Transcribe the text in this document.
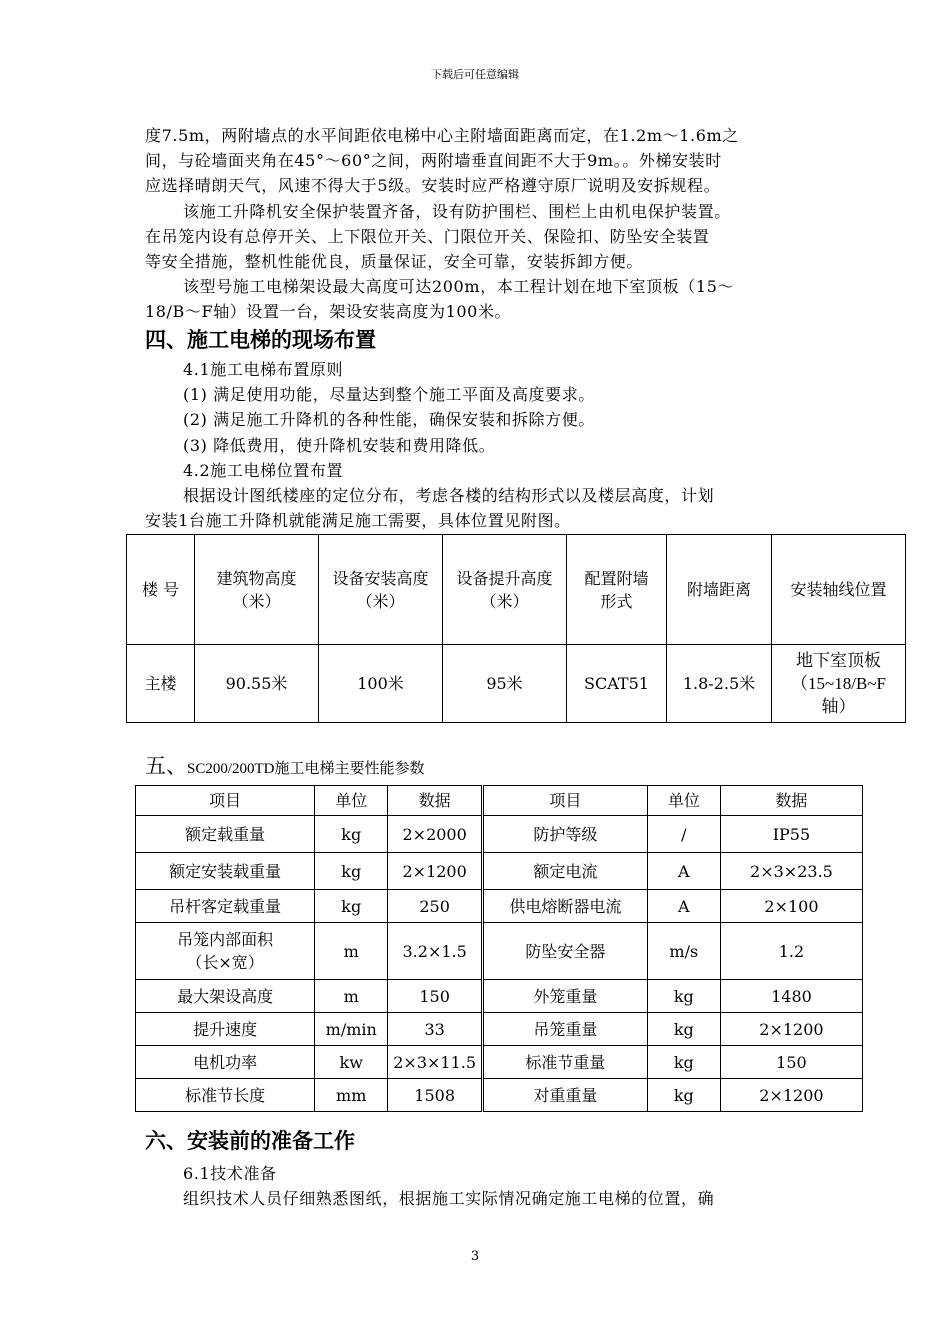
下载后可任意编辑
度7.5m，两附墙点的水平间距依电梯中心主附墙面距离而定，在1.2m～1.6m之
间，与砼墙面夹角在45°～60°之间，两附墙垂直间距不大于9m。。外梯安装时
应选择晴朗天气，风速不得大于5级。安装时应严格遵守原厂说明及安拆规程。
该施工升降机安全保护装置齐备，设有防护围栏、围栏上由机电保护装置。
在吊笼内设有总停开关、上下限位开关、门限位开关、保险扣、防坠安全装置
等安全措施，整机性能优良，质量保证，安全可靠，安装拆卸方便。
该型号施工电梯架设最大高度可达200m，本工程计划在地下室顶板（15～
18/B～F轴）设置一台，架设安装高度为100米。
四、施工电梯的现场布置
4.1施工电梯布置原则
(1) 满足使用功能，尽量达到整个施工平面及高度要求。
(2) 满足施工升降机的各种性能，确保安装和拆除方便。
(3) 降低费用，使升降机安装和费用降低。
4.2施工电梯位置布置
根据设计图纸楼座的定位分布，考虑各楼的结构形式以及楼层高度，计划
安装1台施工升降机就能满足施工需要，具体位置见附图。
楼 号	建筑物高度（米）	设备安装高度（米）	设备提升高度（米）	配置附墙形式	附墙距离	安装轴线位置
主楼	90.55米	100米	95米	SCAT51	1.8-2.5米	地下室顶板（15~18/B~F轴）
五、SC200/200TD施工电梯主要性能参数
项目	单位	数据	项目	单位	数据
额定载重量	kg	2×2000	防护等级	/	IP55
额定安装载重量	kg	2×1200	额定电流	A	2×3×23.5
吊杆客定载重量	kg	250	供电熔断器电流	A	2×100
吊笼内部面积（长×宽）	m	3.2×1.5	防坠安全器	m/s	1.2
最大架设高度	m	150	外笼重量	kg	1480
提升速度	m/min	33	吊笼重量	kg	2×1200
电机功率	kw	2×3×11.5	标准节重量	kg	150
标准节长度	mm	1508	对重重量	kg	2×1200
六、安装前的准备工作
6.1技术准备
组织技术人员仔细熟悉图纸，根据施工实际情况确定施工电梯的位置，确
3
